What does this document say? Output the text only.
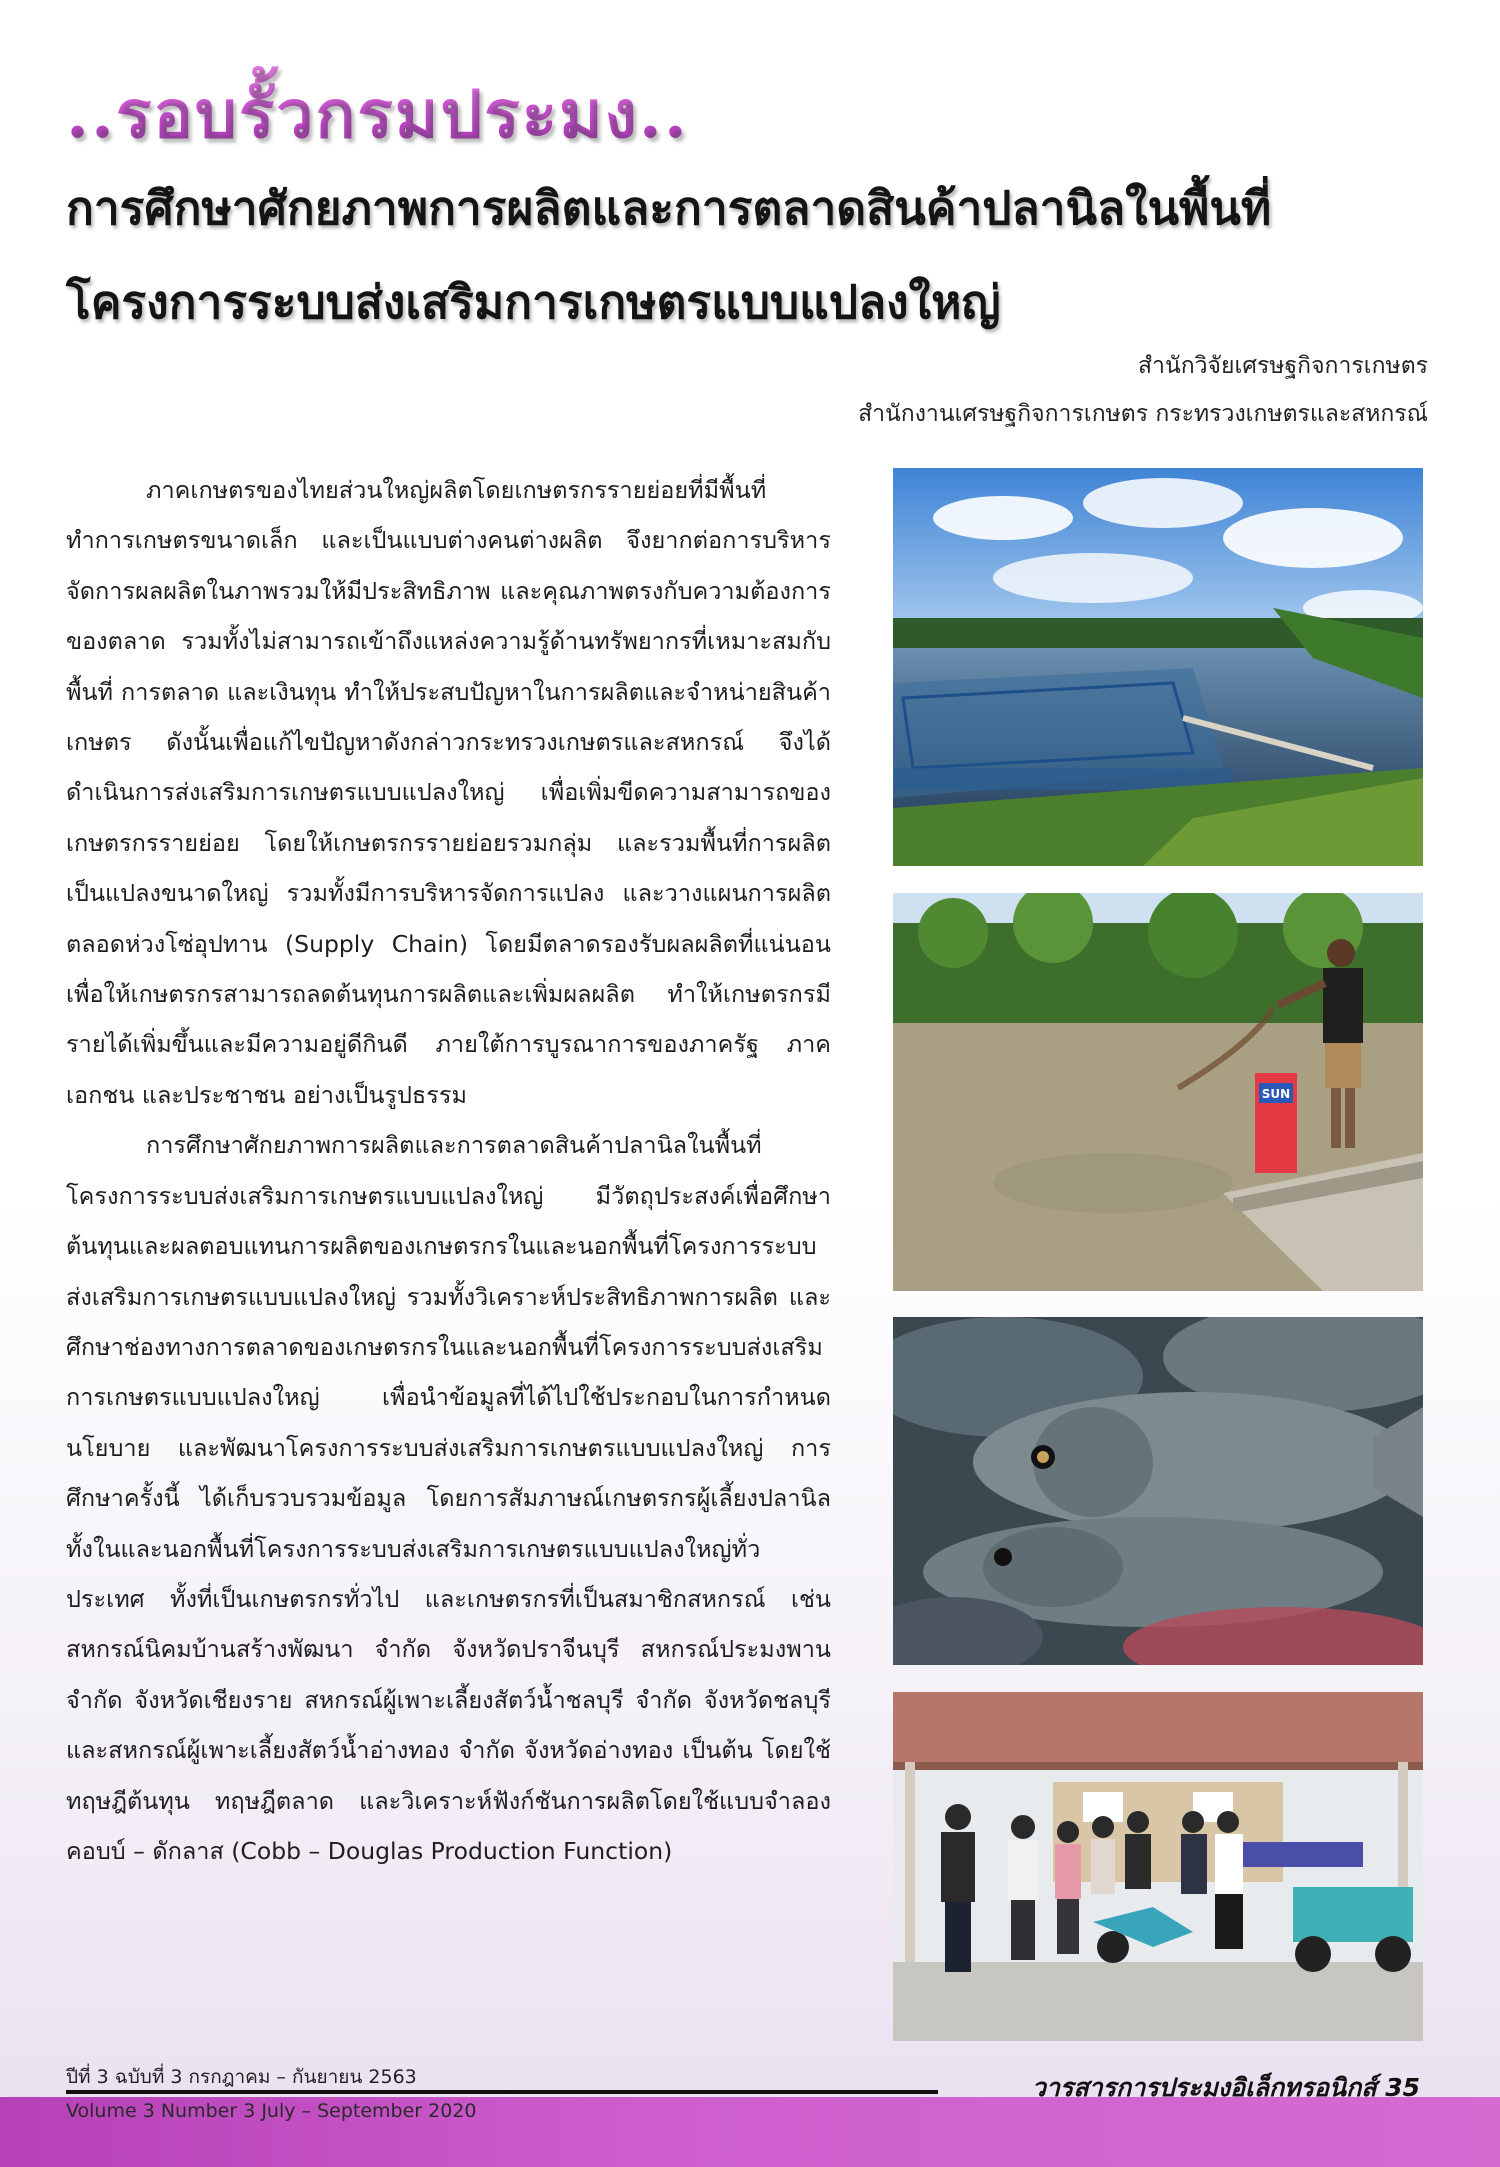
..รอบรั้วกรมประมง..
การศึกษาศักยภาพการผลิตและการตลาดสินค้าปลานิลในพื้นที่
โครงการระบบส่งเสริมการเกษตรแบบแปลงใหญ่
สำนักวิจัยเศรษฐกิจการเกษตร
สำนักงานเศรษฐกิจการเกษตร กระทรวงเกษตรและสหกรณ์

ภาคเกษตรของไทยส่วนใหญ่ผลิตโดยเกษตรกรรายย่อยที่มีพื้นที่ทำการเกษตรขนาดเล็ก และเป็นแบบต่างคนต่างผลิต จึงยากต่อการบริหารจัดการผลผลิตในภาพรวมให้มีประสิทธิภาพ และคุณภาพตรงกับความต้องการของตลาด รวมทั้งไม่สามารถเข้าถึงแหล่งความรู้ด้านทรัพยากรที่เหมาะสมกับพื้นที่ การตลาด และเงินทุน ทำให้ประสบปัญหาในการผลิตและจำหน่ายสินค้าเกษตร ดังนั้นเพื่อแก้ไขปัญหาดังกล่าวกระทรวงเกษตรและสหกรณ์ จึงได้ดำเนินการส่งเสริมการเกษตรแบบแปลงใหญ่ เพื่อเพิ่มขีดความสามารถของเกษตรกรรายย่อย โดยให้เกษตรกรรายย่อยรวมกลุ่ม และรวมพื้นที่การผลิตเป็นแปลงขนาดใหญ่ รวมทั้งมีการบริหารจัดการแปลง และวางแผนการผลิตตลอดห่วงโซ่อุปทาน (Supply Chain) โดยมีตลาดรองรับผลผลิตที่แน่นอน เพื่อให้เกษตรกรสามารถลดต้นทุนการผลิตและเพิ่มผลผลิต ทำให้เกษตรกรมีรายได้เพิ่มขึ้นและมีความอยู่ดีกินดี ภายใต้การบูรณาการของภาครัฐ ภาคเอกชน และประชาชน อย่างเป็นรูปธรรม

การศึกษาศักยภาพการผลิตและการตลาดสินค้าปลานิลในพื้นที่โครงการระบบส่งเสริมการเกษตรแบบแปลงใหญ่ มีวัตถุประสงค์เพื่อศึกษาต้นทุนและผลตอบแทนการผลิตของเกษตรกรในและนอกพื้นที่โครงการระบบส่งเสริมการเกษตรแบบแปลงใหญ่ รวมทั้งวิเคราะห์ประสิทธิภาพการผลิต และศึกษาช่องทางการตลาดของเกษตรกรในและนอกพื้นที่โครงการระบบส่งเสริมการเกษตรแบบแปลงใหญ่ เพื่อนำข้อมูลที่ได้ไปใช้ประกอบในการกำหนดนโยบาย และพัฒนาโครงการระบบส่งเสริมการเกษตรแบบแปลงใหญ่ การศึกษาครั้งนี้ ได้เก็บรวบรวมข้อมูล โดยการสัมภาษณ์เกษตรกรผู้เลี้ยงปลานิลทั้งในและนอกพื้นที่โครงการระบบส่งเสริมการเกษตรแบบแปลงใหญ่ทั่วประเทศ ทั้งที่เป็นเกษตรกรทั่วไป และเกษตรกรที่เป็นสมาชิกสหกรณ์ เช่น สหกรณ์นิคมบ้านสร้างพัฒนา จำกัด จังหวัดปราจีนบุรี สหกรณ์ประมงพาน จำกัด จังหวัดเชียงราย สหกรณ์ผู้เพาะเลี้ยงสัตว์น้ำชลบุรี จำกัด จังหวัดชลบุรี และสหกรณ์ผู้เพาะเลี้ยงสัตว์น้ำอ่างทอง จำกัด จังหวัดอ่างทอง เป็นต้น โดยใช้ทฤษฎีต้นทุน ทฤษฎีตลาด และวิเคราะห์ฟังก์ชันการผลิตโดยใช้แบบจำลองคอบบ์ – ดักลาส (Cobb – Douglas Production Function)

SUN
ปีที่ 3 ฉบับที่ 3 กรกฎาคม – กันยายน 2563	วารสารการประมงอิเล็กทรอนิกส์ 35
Volume 3 Number 3 July – September 2020
